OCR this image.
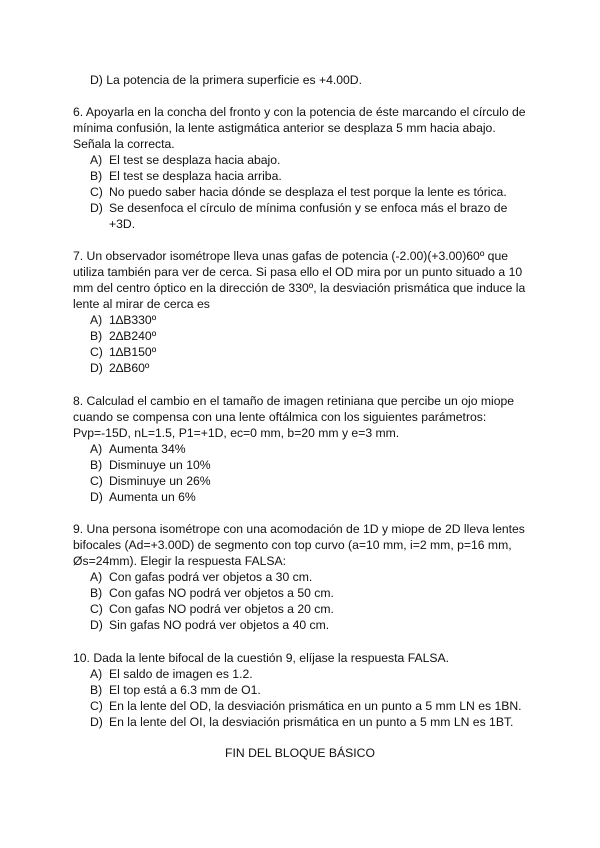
D) La potencia de la primera superficie es +4.00D.
6. Apoyarla en la concha del fronto y con la potencia de éste marcando el círculo de
mínima confusión, la lente astigmática anterior se desplaza 5 mm hacia abajo.
Señala la correcta.
A) El test se desplaza hacia abajo.
B) El test se desplaza hacia arriba.
C) No puedo saber hacia dónde se desplaza el test porque la lente es tórica.
D) Se desenfoca el círculo de mínima confusión y se enfoca más el brazo de
+3D.
7. Un observador isométrope lleva unas gafas de potencia (-2.00)(+3.00)60º que
utiliza también para ver de cerca. Si pasa ello el OD mira por un punto situado a 10
mm del centro óptico en la dirección de 330º, la desviación prismática que induce la
lente al mirar de cerca es
A) 1∆B330º
B) 2∆B240º
C) 1∆B150º
D) 2∆B60º
8. Calculad el cambio en el tamaño de imagen retiniana que percibe un ojo miope
cuando se compensa con una lente oftálmica con los siguientes parámetros:
Pvp=-15D, nL=1.5, P1=+1D, ec=0 mm, b=20 mm y e=3 mm.
A) Aumenta 34%
B) Disminuye un 10%
C) Disminuye un 26%
D) Aumenta un 6%
9. Una persona isométrope con una acomodación de 1D y miope de 2D lleva lentes
bifocales (Ad=+3.00D) de segmento con top curvo (a=10 mm, i=2 mm, p=16 mm,
Øs=24mm). Elegir la respuesta FALSA:
A) Con gafas podrá ver objetos a 30 cm.
B) Con gafas NO podrá ver objetos a 50 cm.
C) Con gafas NO podrá ver objetos a 20 cm.
D) Sin gafas NO podrá ver objetos a 40 cm.
10. Dada la lente bifocal de la cuestión 9, elíjase la respuesta FALSA.
A) El saldo de imagen es 1.2.
B) El top está a 6.3 mm de O1.
C) En la lente del OD, la desviación prismática en un punto a 5 mm LN es 1BN.
D) En la lente del OI, la desviación prismática en un punto a 5 mm LN es 1BT.
FIN DEL BLOQUE BÁSICO
